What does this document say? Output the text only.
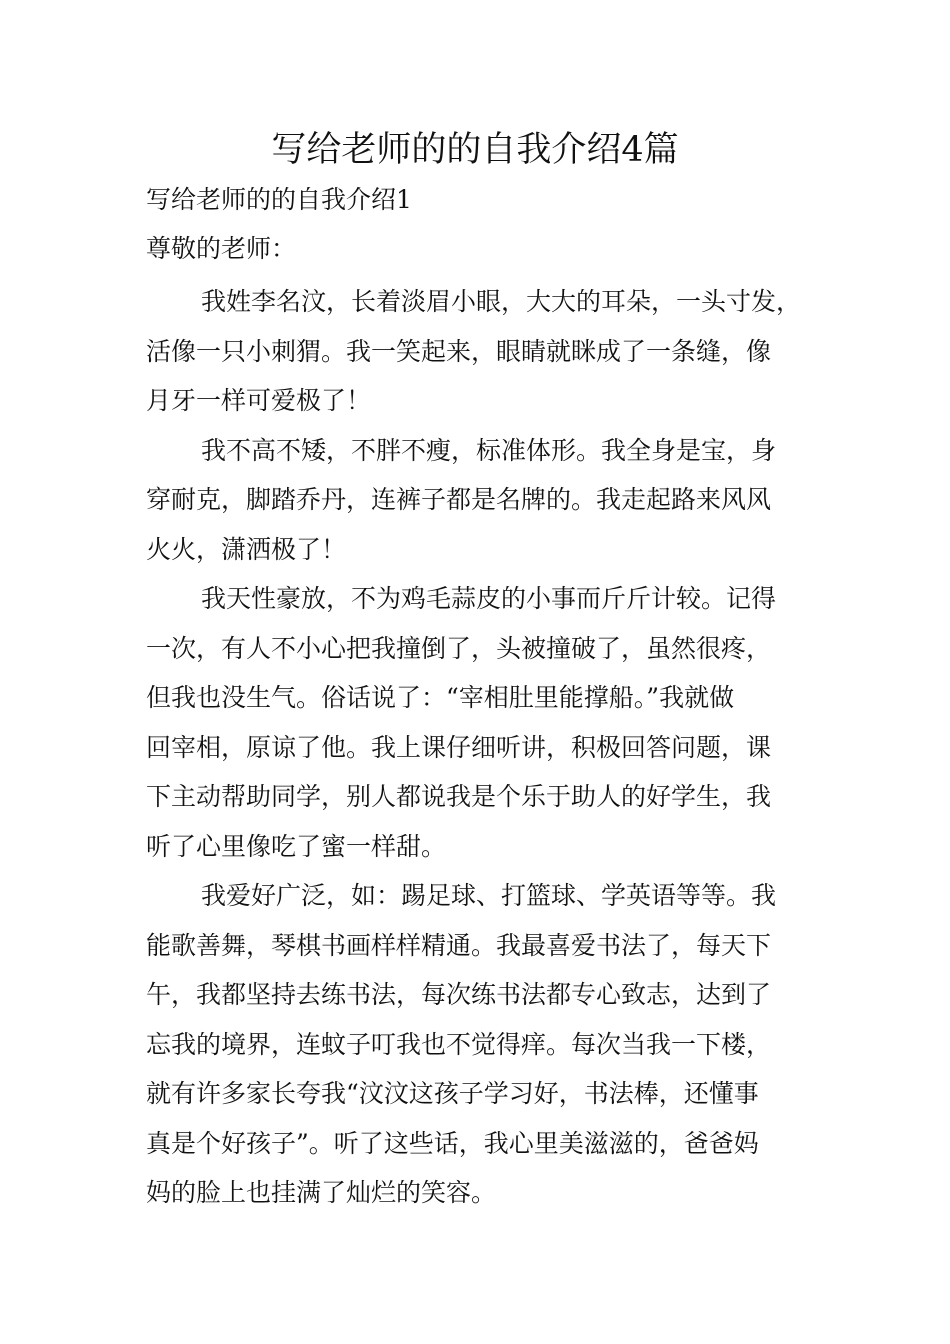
写给老师的的自我介绍4篇
写给老师的的自我介绍1
尊敬的老师：

我姓李名汶，长着淡眉小眼，大大的耳朵，一头寸发，
活像一只小刺猬。我一笑起来，眼睛就眯成了一条缝，像
月牙一样可爱极了！

我不高不矮，不胖不瘦，标准体形。我全身是宝，身
穿耐克，脚踏乔丹，连裤子都是名牌的。我走起路来风风
火火，潇洒极了！

我天性豪放，不为鸡毛蒜皮的小事而斤斤计较。记得
一次，有人不小心把我撞倒了，头被撞破了，虽然很疼，
但我也没生气。俗话说了：“宰相肚里能撑船。”我就做
回宰相，原谅了他。我上课仔细听讲，积极回答问题，课
下主动帮助同学，别人都说我是个乐于助人的好学生，我
听了心里像吃了蜜一样甜。

我爱好广泛，如：踢足球、打篮球、学英语等等。我
能歌善舞，琴棋书画样样精通。我最喜爱书法了，每天下
午，我都坚持去练书法，每次练书法都专心致志，达到了
忘我的境界，连蚊子叮我也不觉得痒。每次当我一下楼，
就有许多家长夸我“汶汶这孩子学习好，书法棒，还懂事
真是个好孩子”。听了这些话，我心里美滋滋的，爸爸妈
妈的脸上也挂满了灿烂的笑容。
